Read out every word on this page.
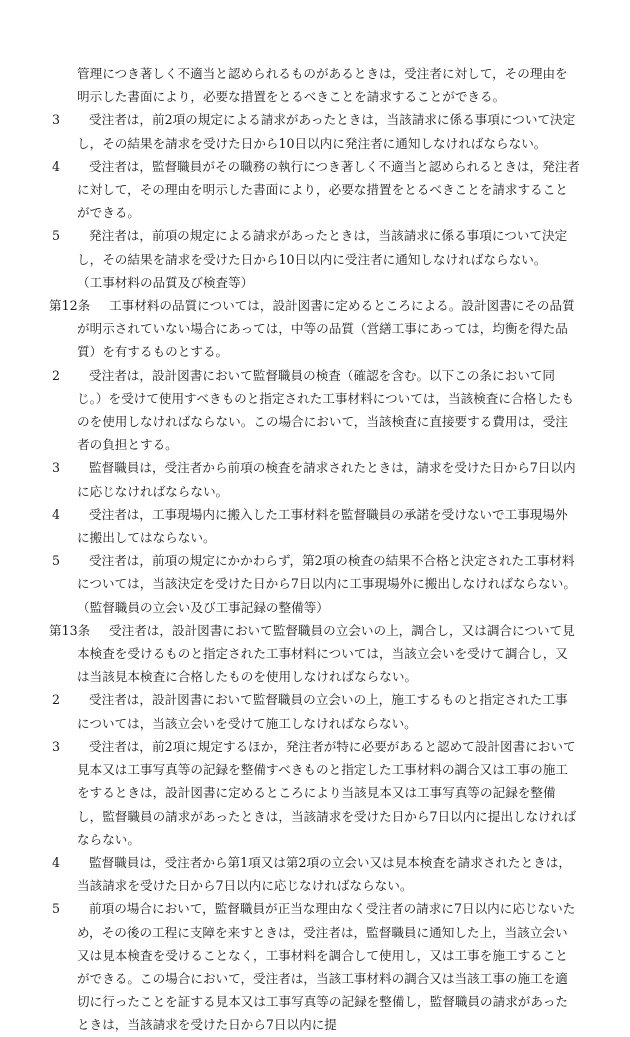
管理につき著しく不適当と認められるものがあるときは，受注者に対して，その理由を明示した書面により，必要な措置をとるべきことを請求することができる。

3	受注者は，前2項の規定による請求があったときは，当該請求に係る事項について決定し，その結果を請求を受けた日から10日以内に発注者に通知しなければならない。

4	受注者は，監督職員がその職務の執行につき著しく不適当と認められるときは，発注者に対して，その理由を明示した書面により，必要な措置をとるべきことを請求することができる。

5	発注者は，前項の規定による請求があったときは，当該請求に係る事項について決定し，その結果を請求を受けた日から10日以内に受注者に通知しなければならない。

（工事材料の品質及び検査等）

第12条	工事材料の品質については，設計図書に定めるところによる。設計図書にその品質が明示されていない場合にあっては，中等の品質（営繕工事にあっては，均衡を得た品質）を有するものとする。

2	受注者は，設計図書において監督職員の検査（確認を含む。以下この条において同じ。）を受けて使用すべきものと指定された工事材料については，当該検査に合格したものを使用しなければならない。この場合において，当該検査に直接要する費用は，受注者の負担とする。

3	監督職員は，受注者から前項の検査を請求されたときは，請求を受けた日から7日以内に応じなければならない。

4	受注者は，工事現場内に搬入した工事材料を監督職員の承諾を受けないで工事現場外に搬出してはならない。

5	受注者は，前項の規定にかかわらず，第2項の検査の結果不合格と決定された工事材料については，当該決定を受けた日から7日以内に工事現場外に搬出しなければならない。

（監督職員の立会い及び工事記録の整備等）

第13条	受注者は，設計図書において監督職員の立会いの上，調合し，又は調合について見本検査を受けるものと指定された工事材料については，当該立会いを受けて調合し，又は当該見本検査に合格したものを使用しなければならない。

2	受注者は，設計図書において監督職員の立会いの上，施工するものと指定された工事については，当該立会いを受けて施工しなければならない。

3	受注者は，前2項に規定するほか，発注者が特に必要があると認めて設計図書において見本又は工事写真等の記録を整備すべきものと指定した工事材料の調合又は工事の施工をするときは，設計図書に定めるところにより当該見本又は工事写真等の記録を整備し，監督職員の請求があったときは，当該請求を受けた日から7日以内に提出しなければならない。

4	監督職員は，受注者から第1項又は第2項の立会い又は見本検査を請求されたときは，当該請求を受けた日から7日以内に応じなければならない。

5	前項の場合において，監督職員が正当な理由なく受注者の請求に7日以内に応じないため，その後の工程に支障を来すときは，受注者は，監督職員に通知した上，当該立会い又は見本検査を受けることなく，工事材料を調合して使用し，又は工事を施工することができる。この場合において，受注者は，当該工事材料の調合又は当該工事の施工を適切に行ったことを証する見本又は工事写真等の記録を整備し，監督職員の請求があったときは，当該請求を受けた日から7日以内に提
